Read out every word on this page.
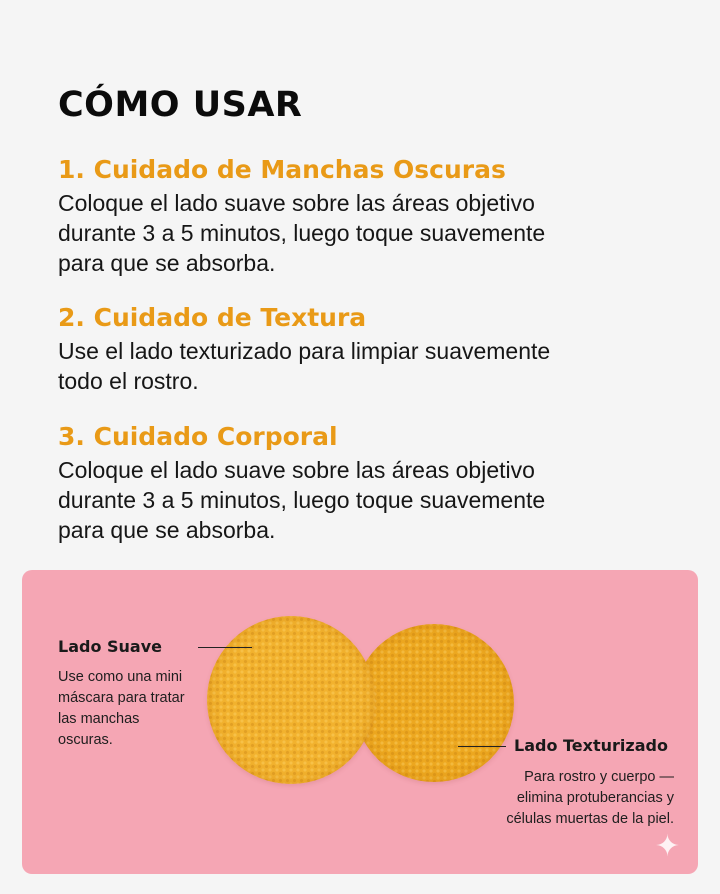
CÓMO USAR
1. Cuidado de Manchas Oscuras

Coloque el lado suave sobre las áreas objetivo
durante 3 a 5 minutos, luego toque suavemente
para que se absorba.

2. Cuidado de Textura

Use el lado texturizado para limpiar suavemente
todo el rostro.

3. Cuidado Corporal

Coloque el lado suave sobre las áreas objetivo
durante 3 a 5 minutos, luego toque suavemente
para que se absorba.

Lado Suave

Use como una mini
máscara para tratar
las manchas
oscuras.	Lado Texturizado

Para rostro y cuerpo —
elimina protuberancias y
células muertas de la piel.

✦
